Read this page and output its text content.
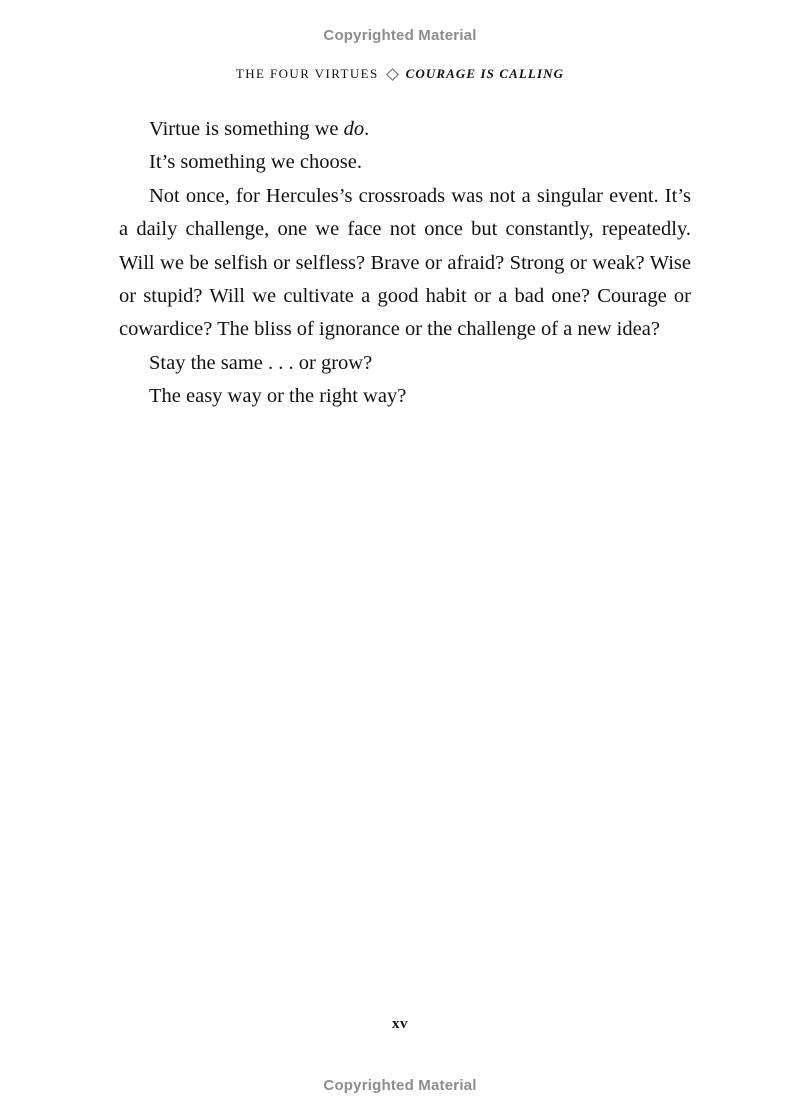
Copyrighted Material
THE FOUR VIRTUES COURAGE IS CALLING

Virtue is something we do.

It’s something we choose.

Not once, for Hercules’s crossroads was not a singular event. It’s a daily challenge, one we face not once but constantly, repeatedly. Will we be selfish or selfless? Brave or afraid? Strong or weak? Wise or stupid? Will we cultivate a good habit or a bad one? Courage or cowardice? The bliss of ignorance or the challenge of a new idea?

Stay the same . . . or grow?

The easy way or the right way?

xv
Copyrighted Material
